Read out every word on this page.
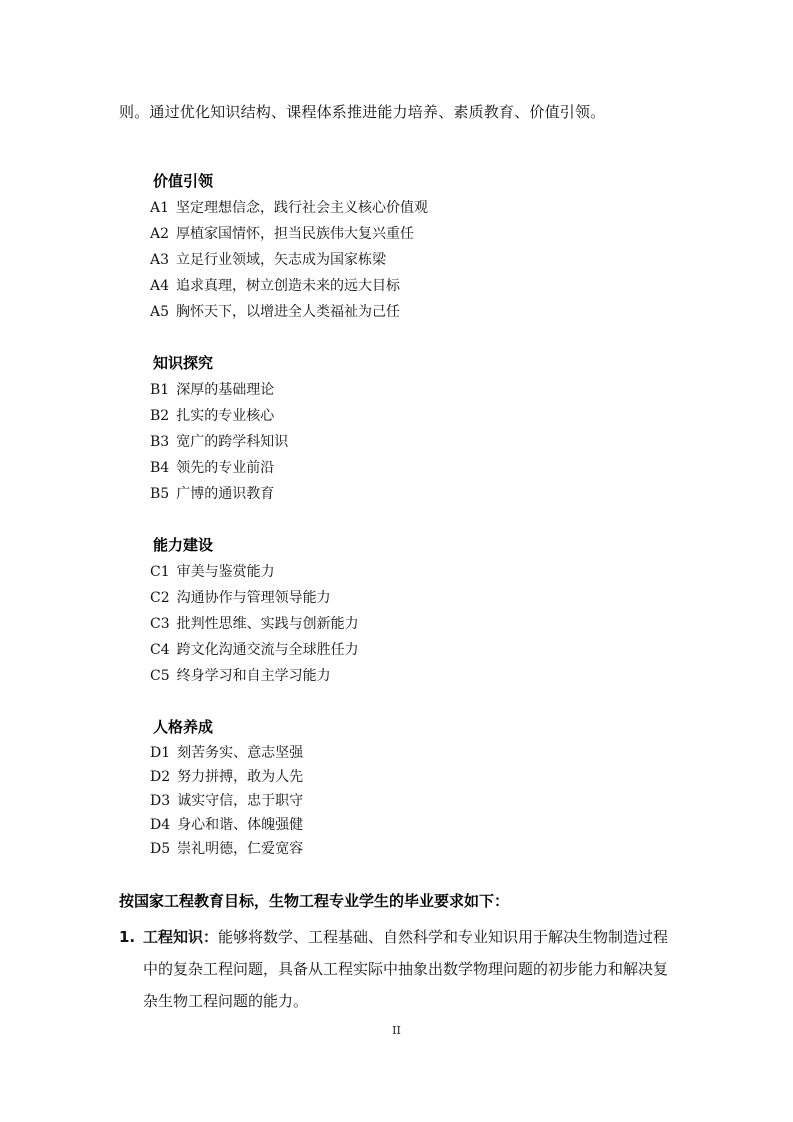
则。通过优化知识结构、课程体系推进能力培养、素质教育、价值引领。
价值引领
A1 坚定理想信念，践行社会主义核心价值观
A2 厚植家国情怀，担当民族伟大复兴重任
A3 立足行业领域，矢志成为国家栋梁
A4 追求真理，树立创造未来的远大目标
A5 胸怀天下，以增进全人类福祉为己任
知识探究
B1 深厚的基础理论
B2 扎实的专业核心
B3 宽广的跨学科知识
B4 领先的专业前沿
B5 广博的通识教育
能力建设
C1 审美与鉴赏能力
C2 沟通协作与管理领导能力
C3 批判性思维、实践与创新能力
C4 跨文化沟通交流与全球胜任力
C5 终身学习和自主学习能力
人格养成
D1 刻苦务实、意志坚强
D2 努力拼搏，敢为人先
D3 诚实守信，忠于职守
D4 身心和谐、体魄强健
D5 崇礼明德，仁爱宽容
按国家工程教育目标，生物工程专业学生的毕业要求如下：
1. 工程知识：能够将数学、工程基础、自然科学和专业知识用于解决生物制造过程中的复杂工程问题，具备从工程实际中抽象出数学物理问题的初步能力和解决复杂生物工程问题的能力。
II
